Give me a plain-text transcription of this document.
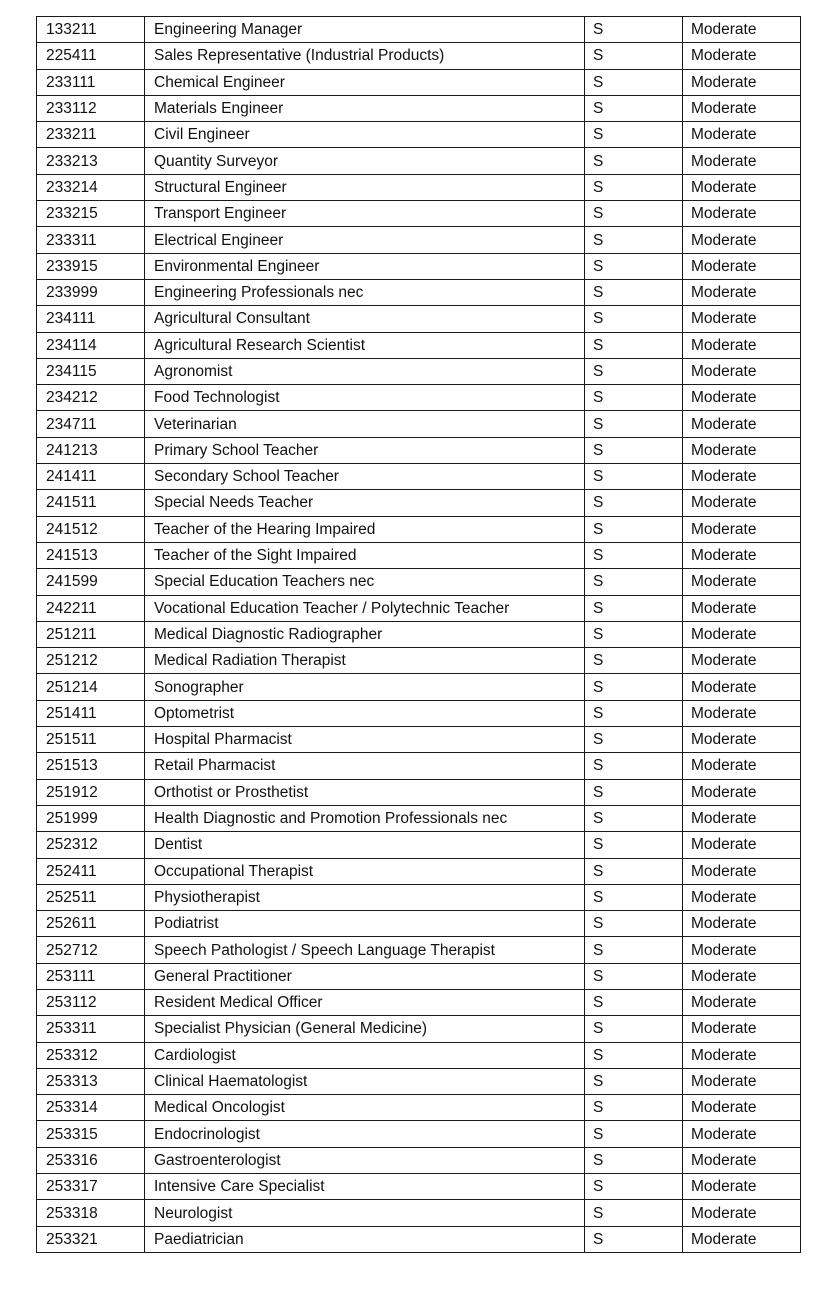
133211	Engineering Manager	S	Moderate
225411	Sales Representative (Industrial Products)	S	Moderate
233111	Chemical Engineer	S	Moderate
233112	Materials Engineer	S	Moderate
233211	Civil Engineer	S	Moderate
233213	Quantity Surveyor	S	Moderate
233214	Structural Engineer	S	Moderate
233215	Transport Engineer	S	Moderate
233311	Electrical Engineer	S	Moderate
233915	Environmental Engineer	S	Moderate
233999	Engineering Professionals nec	S	Moderate
234111	Agricultural Consultant	S	Moderate
234114	Agricultural Research Scientist	S	Moderate
234115	Agronomist	S	Moderate
234212	Food Technologist	S	Moderate
234711	Veterinarian	S	Moderate
241213	Primary School Teacher	S	Moderate
241411	Secondary School Teacher	S	Moderate
241511	Special Needs Teacher	S	Moderate
241512	Teacher of the Hearing Impaired	S	Moderate
241513	Teacher of the Sight Impaired	S	Moderate
241599	Special Education Teachers nec	S	Moderate
242211	Vocational Education Teacher / Polytechnic Teacher	S	Moderate
251211	Medical Diagnostic Radiographer	S	Moderate
251212	Medical Radiation Therapist	S	Moderate
251214	Sonographer	S	Moderate
251411	Optometrist	S	Moderate
251511	Hospital Pharmacist	S	Moderate
251513	Retail Pharmacist	S	Moderate
251912	Orthotist or Prosthetist	S	Moderate
251999	Health Diagnostic and Promotion Professionals nec	S	Moderate
252312	Dentist	S	Moderate
252411	Occupational Therapist	S	Moderate
252511	Physiotherapist	S	Moderate
252611	Podiatrist	S	Moderate
252712	Speech Pathologist / Speech Language Therapist	S	Moderate
253111	General Practitioner	S	Moderate
253112	Resident Medical Officer	S	Moderate
253311	Specialist Physician (General Medicine)	S	Moderate
253312	Cardiologist	S	Moderate
253313	Clinical Haematologist	S	Moderate
253314	Medical Oncologist	S	Moderate
253315	Endocrinologist	S	Moderate
253316	Gastroenterologist	S	Moderate
253317	Intensive Care Specialist	S	Moderate
253318	Neurologist	S	Moderate
253321	Paediatrician	S	Moderate
